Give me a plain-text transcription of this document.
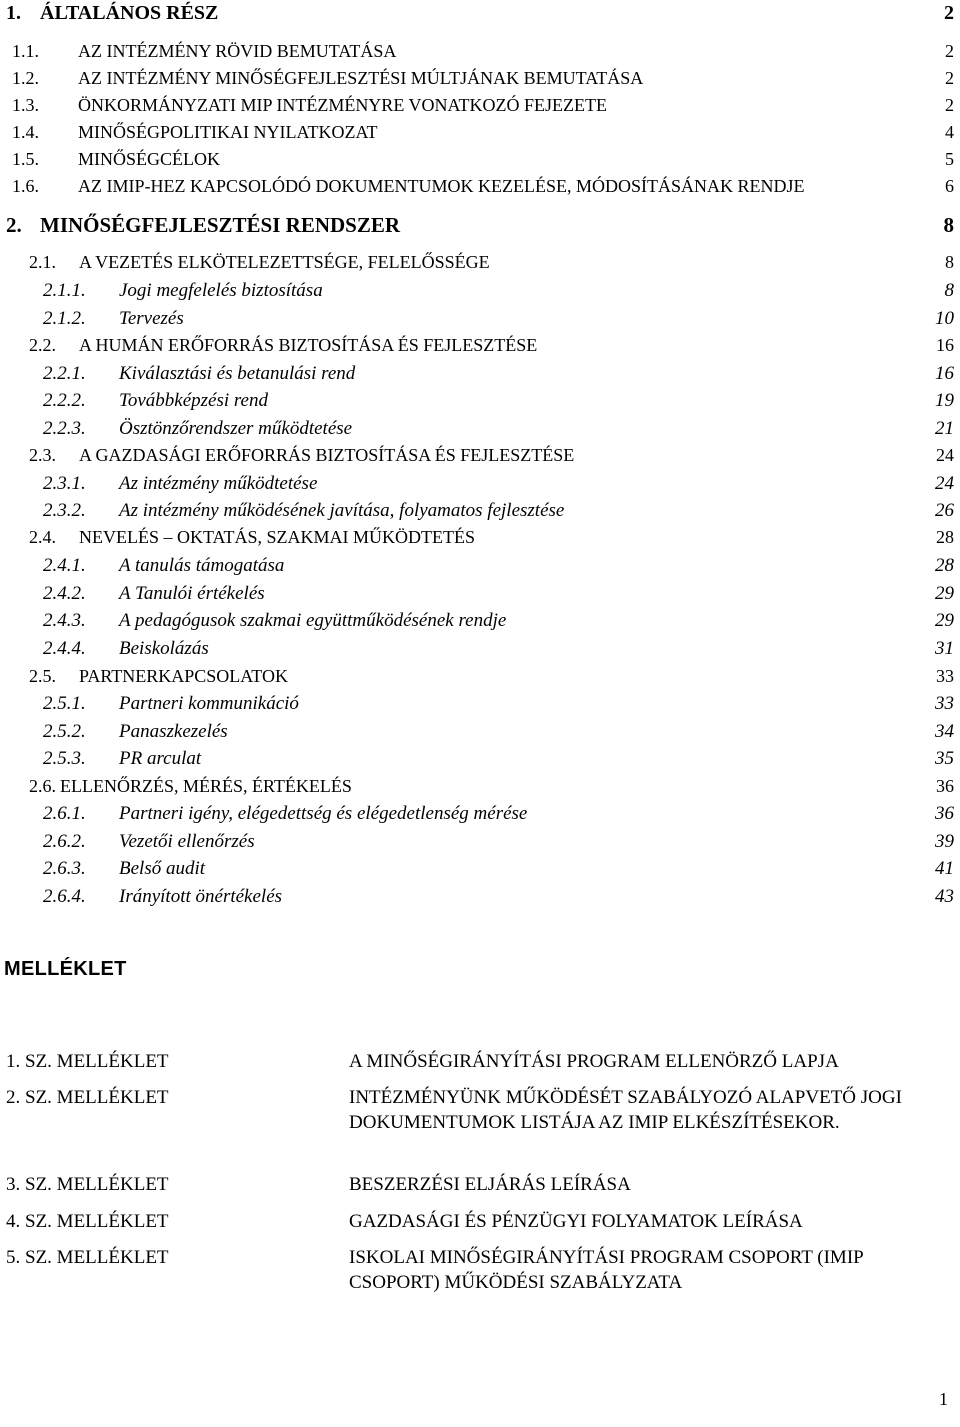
1. ÁLTALÁNOS RÉSZ	2
1.1.	AZ INTÉZMÉNY RÖVID BEMUTATÁSA	2
1.2.	AZ INTÉZMÉNY MINŐSÉGFEJLESZTÉSI MÚLTJÁNAK BEMUTATÁSA	2
1.3.	ÖNKORMÁNYZATI MIP INTÉZMÉNYRE VONATKOZÓ FEJEZETE	2
1.4.	MINŐSÉGPOLITIKAI NYILATKOZAT	4
1.5.	MINŐSÉGCÉLOK	5
1.6.	AZ IMIP-HEZ KAPCSOLÓDÓ DOKUMENTUMOK KEZELÉSE, MÓDOSÍTÁSÁNAK RENDJE	6
2. MINŐSÉGFEJLESZTÉSI RENDSZER	8
2.1.	A VEZETÉS ELKÖTELEZETTSÉGE, FELELŐSSÉGE	8
2.1.1.	Jogi megfelelés biztosítása	8
2.1.2.	Tervezés	10
2.2.	A HUMÁN ERŐFORRÁS BIZTOSÍTÁSA ÉS FEJLESZTÉSE	16
2.2.1.	Kiválasztási és betanulási rend	16
2.2.2.	Továbbképzési rend	19
2.2.3.	Ösztönzőrendszer működtetése	21
2.3.	A GAZDASÁGI ERŐFORRÁS BIZTOSÍTÁSA ÉS FEJLESZTÉSE	24
2.3.1.	Az intézmény működtetése	24
2.3.2.	Az intézmény működésének javítása, folyamatos fejlesztése	26
2.4.	NEVELÉS – OKTATÁS, SZAKMAI MŰKÖDTETÉS	28
2.4.1.	A tanulás támogatása	28
2.4.2.	A Tanulói értékelés	29
2.4.3.	A pedagógusok szakmai együttműködésének rendje	29
2.4.4.	Beiskolázás	31
2.5.	PARTNERKAPCSOLATOK	33
2.5.1.	Partneri kommunikáció	33
2.5.2.	Panaszkezelés	34
2.5.3.	PR arculat	35
2.6. ELLENŐRZÉS, MÉRÉS, ÉRTÉKELÉS	36
2.6.1.	Partneri igény, elégedettség és elégedetlenség mérése	36
2.6.2.	Vezetői ellenőrzés	39
2.6.3.	Belső audit	41
2.6.4.	Irányított önértékelés	43
MELLÉKLET
1. SZ. MELLÉKLET	A MINŐSÉGIRÁNYÍTÁSI PROGRAM ELLENÖRZŐ LAPJA
2. SZ. MELLÉKLET	INTÉZMÉNYÜNK MŰKÖDÉSÉT SZABÁLYOZÓ ALAPVETŐ JOGI DOKUMENTUMOK LISTÁJA AZ IMIP ELKÉSZÍTÉSEKOR.
3. SZ. MELLÉKLET	BESZERZÉSI ELJÁRÁS LEÍRÁSA
4. SZ. MELLÉKLET	GAZDASÁGI ÉS PÉNZÜGYI FOLYAMATOK LEÍRÁSA
5. SZ. MELLÉKLET	ISKOLAI MINŐSÉGIRÁNYÍTÁSI PROGRAM CSOPORT (IMIP CSOPORT) MŰKÖDÉSI SZABÁLYZATA
1
